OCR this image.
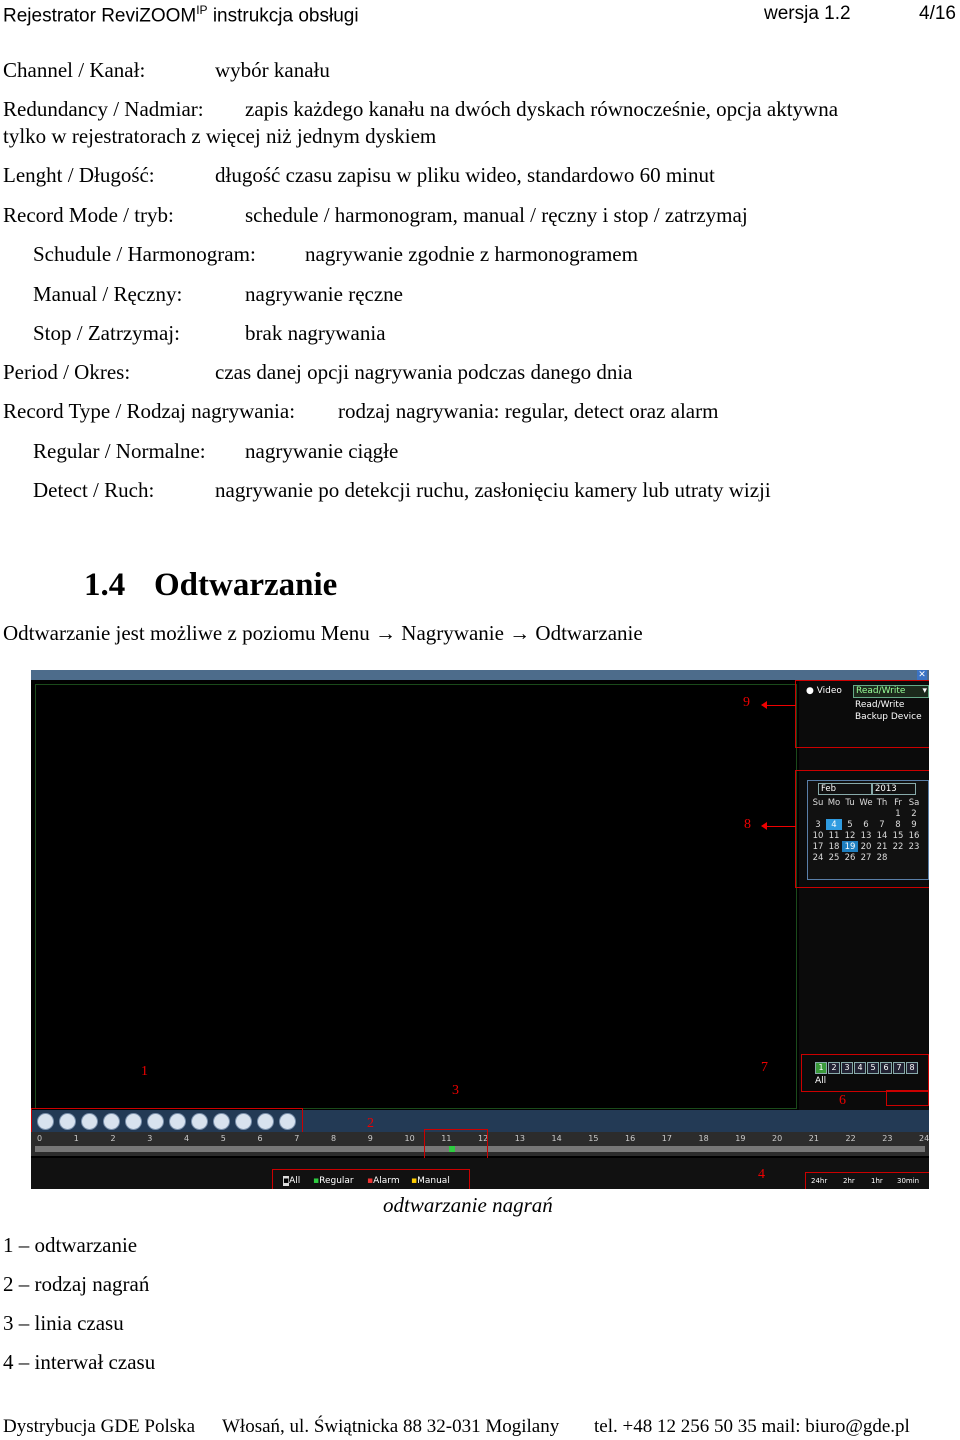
Rejestrator ReviZOOM$^{IP}$ instrukcja obsługi	wersja 1.2	4/16
Channel / Kanał:	wybór kanału
Redundancy / Nadmiar: zapis każdego kanału na dwóch dyskach równocześnie, opcja aktywna
tylko w rejestratorach z więcej niż jednym dyskiem
Lenght / Długość:	długość czasu zapisu w pliku wideo, standardowo 60 minut
Record Mode / tryb:	schedule / harmonogram, manual / ręczny i stop / zatrzymaj
Schudule / Harmonogram: nagrywanie zgodnie z harmonogramem
Manual / Ręczny:	nagrywanie ręczne
Stop / Zatrzymaj:	brak nagrywania
Period / Okres:	czas danej opcji nagrywania podczas danego dnia
Record Type / Rodzaj nagrywania: rodzaj nagrywania: regular, detect oraz alarm
Regular / Normalne: nagrywanie ciągłe
Detect / Ruch:	nagrywanie po detekcji ruchu, zasłonięciu kamery lub utraty wizji
1.4 Odtwarzanie
Odtwarzanie jest możliwe z poziomu Menu → Nagrywanie → Odtwarzanie
✕
● Video	Read/Write ▾
Read/Write
Backup Device
9
Feb	2013
Su	Mo	Tu	We	Th	Fr	Sa
					1	2
3	4	5	6	7	8	9
10	11	12	13	14	15	16
17	18	19	20	21	22	23
24	25	26	27	28		
8
1 2 3 4 5 6 7 8
All
7
6
1
0	1	2	3	4	5	6	7	8	9	10	11	12	13	14	15	16	17	18	19	20	21	22	23	24
3
2
▪All ▪Regular ▪Alarm ▪Manual	4	24hr 2hr 1hr 30min
odtwarzanie nagrań
1 – odtwarzanie
2 – rodzaj nagrań
3 – linia czasu
4 – interwał czasu
Dystrybucja GDE Polska Włosań, ul. Świątnicka 88 32-031 Mogilany tel. +48 12 256 50 35 mail: biuro@gde.pl
